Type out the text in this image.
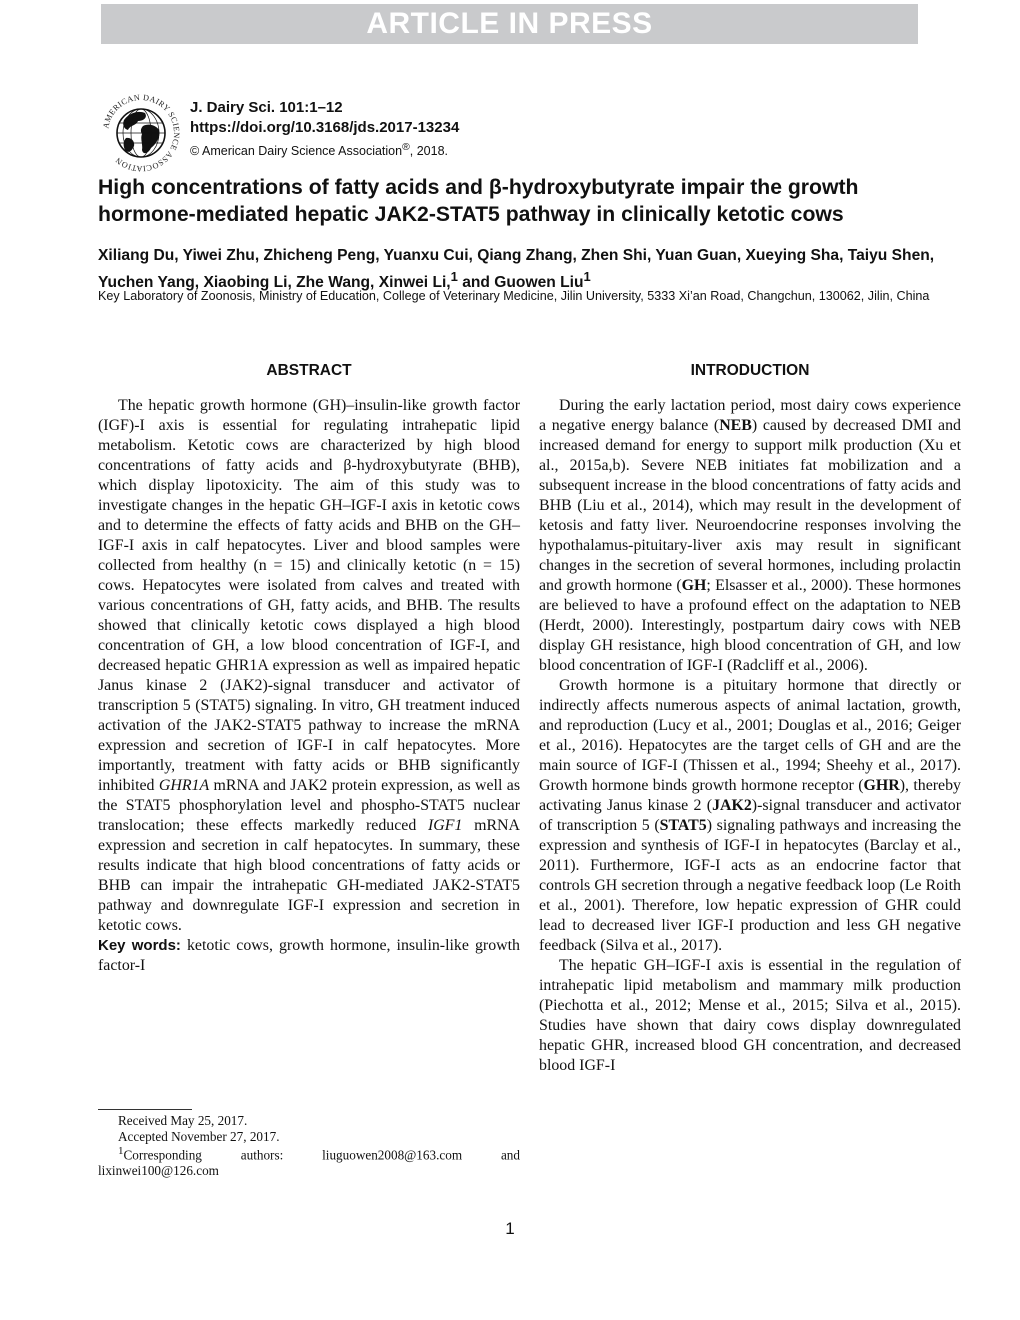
ARTICLE IN PRESS
AMERICAN DAIRY SCIENCE ASSOCIATION
J. Dairy Sci. 101:1–12
https://doi.org/10.3168/jds.2017-13234
© American Dairy Science Association®, 2018.
High concentrations of fatty acids and β-hydroxybutyrate impair the growth hormone-mediated hepatic JAK2-STAT5 pathway in clinically ketotic cows

Xiliang Du, Yiwei Zhu, Zhicheng Peng, Yuanxu Cui, Qiang Zhang, Zhen Shi, Yuan Guan, Xueying Sha, Taiyu Shen, Yuchen Yang, Xiaobing Li, Zhe Wang, Xinwei Li,$^1$ and Guowen Liu$^1$

Key Laboratory of Zoonosis, Ministry of Education, College of Veterinary Medicine, Jilin University, 5333 Xi’an Road, Changchun, 130062, Jilin, China

ABSTRACT	INTRODUCTION

The hepatic growth hormone (GH)–insulin-like growth factor (IGF)-I axis is essential for regulating intrahepatic lipid metabolism. Ketotic cows are characterized by high blood concentrations of fatty acids and β-hydroxybutyrate (BHB), which display lipotoxicity. The aim of this study was to investigate changes in the hepatic GH–IGF-I axis in ketotic cows and to determine the effects of fatty acids and BHB on the GH–IGF-I axis in calf hepatocytes. Liver and blood samples were collected from healthy (n = 15) and clinically ketotic (n = 15) cows. Hepatocytes were isolated from calves and treated with various concentrations of GH, fatty acids, and BHB. The results showed that clinically ketotic cows displayed a high blood concentration of GH, a low blood concentration of IGF-I, and decreased hepatic GHR1A expression as well as impaired hepatic Janus kinase 2 (JAK2)-signal transducer and activator of transcription 5 (STAT5) signaling. In vitro, GH treatment induced activation of the JAK2-STAT5 pathway to increase the mRNA expression and secretion of IGF-I in calf hepatocytes. More importantly, treatment with fatty acids or BHB significantly inhibited GHR1A mRNA and JAK2 protein expression, as well as the STAT5 phosphorylation level and phospho-STAT5 nuclear translocation; these effects markedly reduced IGF1 mRNA expression and secretion in calf hepatocytes. In summary, these results indicate that high blood concentrations of fatty acids or BHB can impair the intrahepatic GH-mediated JAK2-STAT5 pathway and downregulate IGF-I expression and secretion in ketotic cows.

Key words: ketotic cows, growth hormone, insulin-like growth factor-I

Received May 25, 2017.

Accepted November 27, 2017.

$^1$Corresponding authors: liuguowen2008@163.com and

lixinwei100@126.com

During the early lactation period, most dairy cows experience a negative energy balance (NEB) caused by decreased DMI and increased demand for energy to support milk production (Xu et al., 2015a,b). Severe NEB initiates fat mobilization and a subsequent increase in the blood concentrations of fatty acids and BHB (Liu et al., 2014), which may result in the development of ketosis and fatty liver. Neuroendocrine responses involving the hypothalamus-pituitary-liver axis may result in significant changes in the secretion of several hormones, including prolactin and growth hormone (GH; Elsasser et al., 2000). These hormones are believed to have a profound effect on the adaptation to NEB (Herdt, 2000). Interestingly, postpartum dairy cows with NEB display GH resistance, high blood concentration of GH, and low blood concentration of IGF-I (Radcliff et al., 2006).

Growth hormone is a pituitary hormone that directly or indirectly affects numerous aspects of animal lactation, growth, and reproduction (Lucy et al., 2001; Douglas et al., 2016; Geiger et al., 2016). Hepatocytes are the target cells of GH and are the main source of IGF-I (Thissen et al., 1994; Sheehy et al., 2017). Growth hormone binds growth hormone receptor (GHR), thereby activating Janus kinase 2 (JAK2)-signal transducer and activator of transcription 5 (STAT5) signaling pathways and increasing the expression and synthesis of IGF-I in hepatocytes (Barclay et al., 2011). Furthermore, IGF-I acts as an endocrine factor that controls GH secretion through a negative feedback loop (Le Roith et al., 2001). Therefore, low hepatic expression of GHR could lead to decreased liver IGF-I production and less GH negative feedback (Silva et al., 2017).

The hepatic GH–IGF-I axis is essential in the regulation of intrahepatic lipid metabolism and mammary milk production (Piechotta et al., 2012; Mense et al., 2015; Silva et al., 2015). Studies have shown that dairy cows display downregulated hepatic GHR, increased blood GH concentration, and decreased blood IGF-I

1
